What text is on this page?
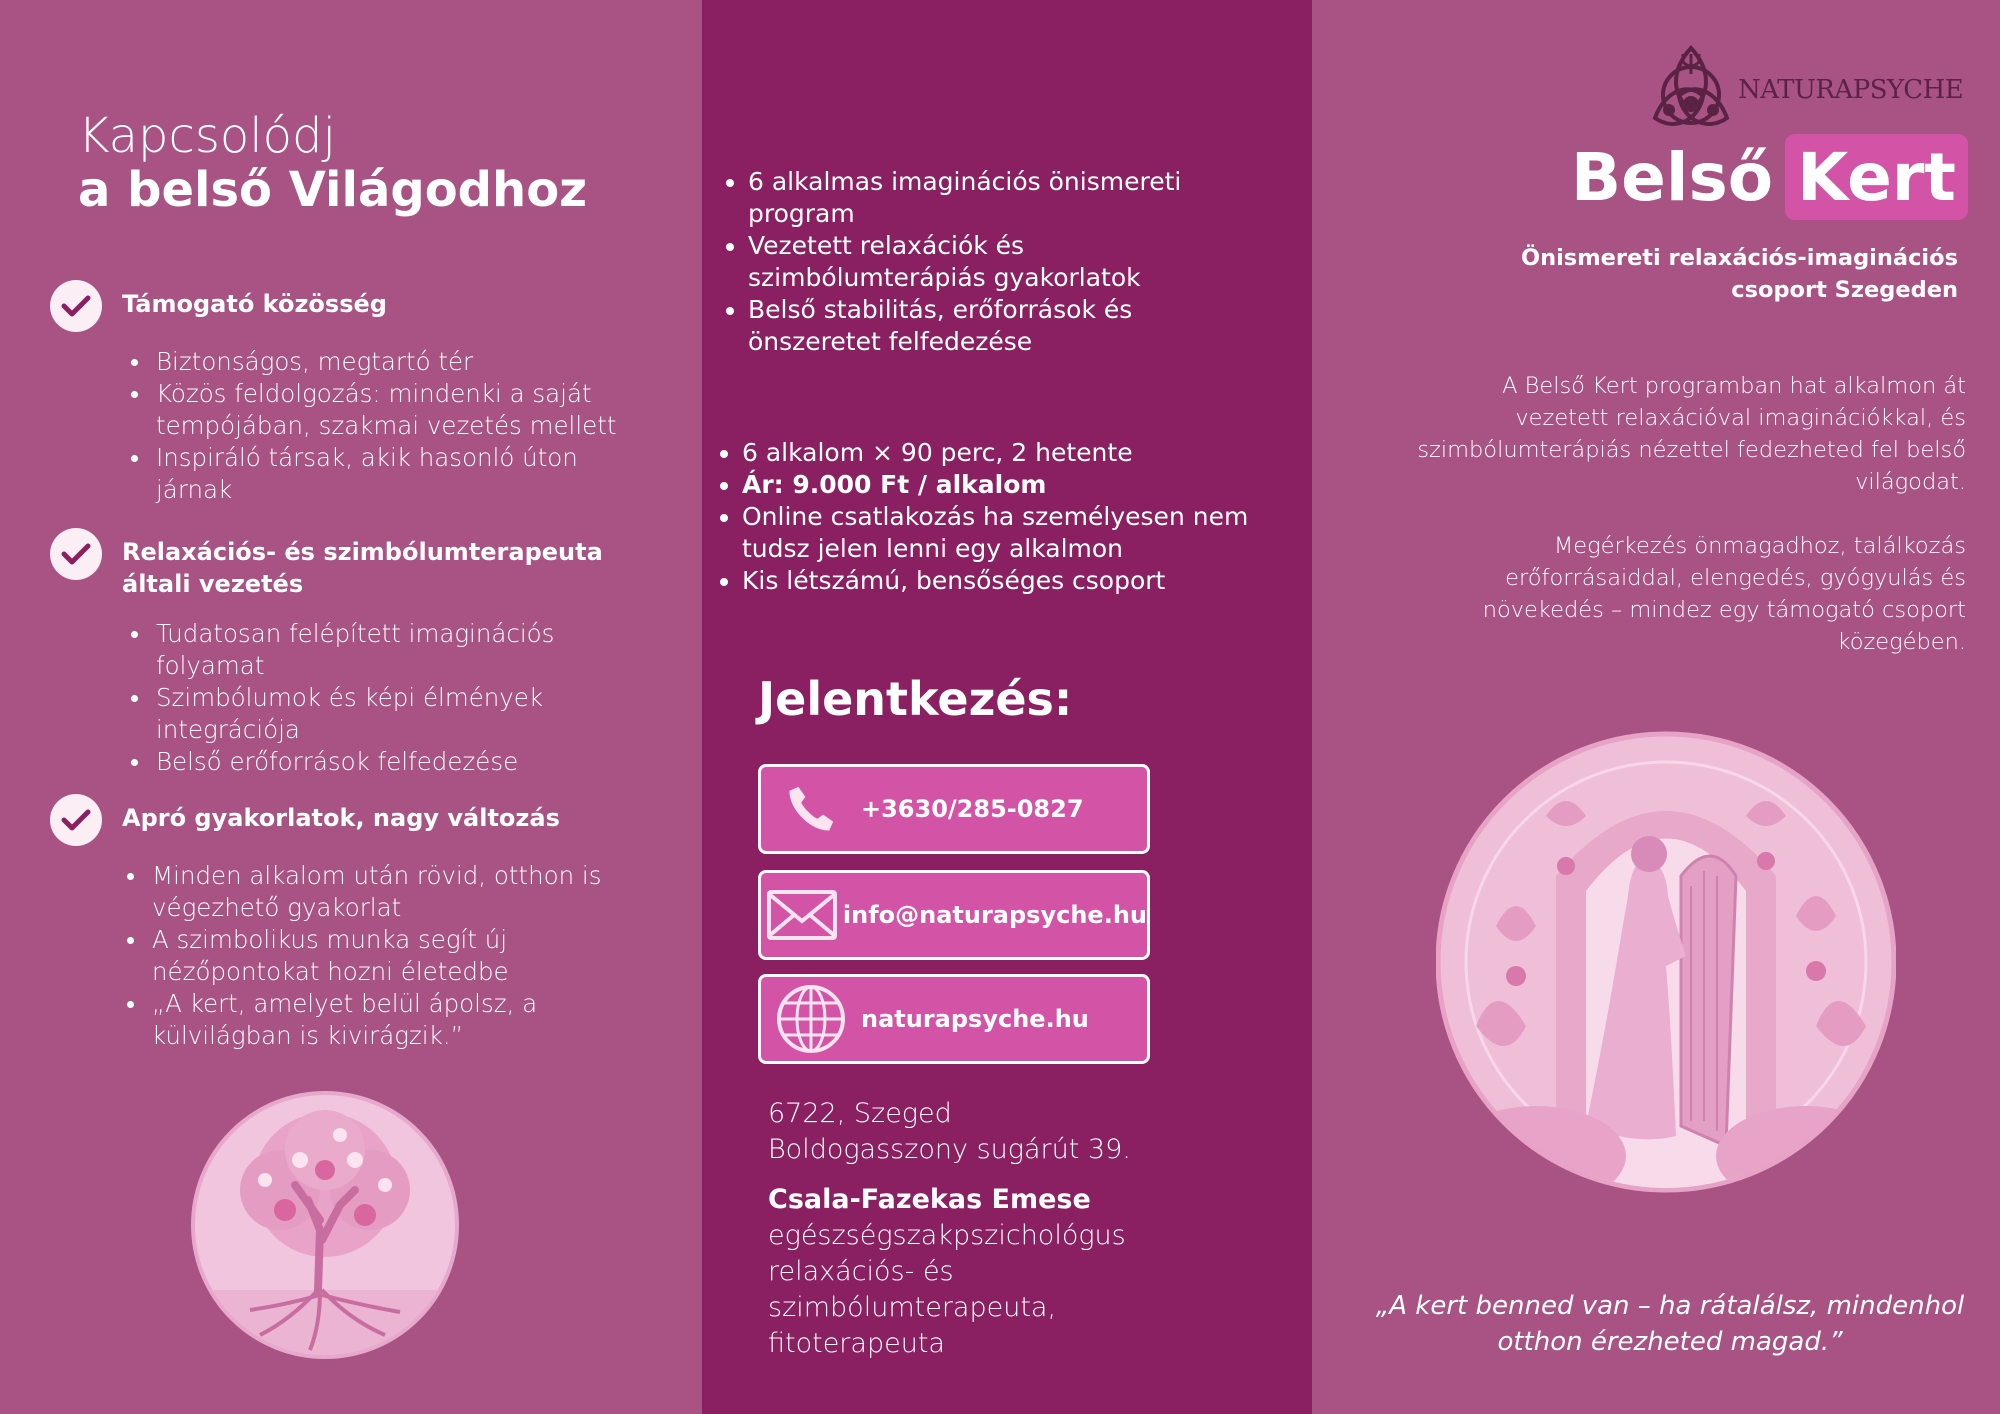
Kapcsolódj
a belső Világodhoz
Támogató közösség
Biztonságos, megtartó tér
Közös feldolgozás: mindenki a saját tempójában, szakmai vezetés mellett
Inspiráló társak, akik hasonló úton járnak
Relaxációs- és szimbólumterapeuta általi vezetés
Tudatosan felépített imaginációs folyamat
Szimbólumok és képi élmények integrációja
Belső erőforrások felfedezése
Apró gyakorlatok, nagy változás
Minden alkalom után rövid, otthon is végezhető gyakorlat
A szimbolikus munka segít új nézőpontokat hozni életedbe
„A kert, amelyet belül ápolsz, a külvilágban is kivirágzik.”
• 6 alkalmas imaginációs önismereti program
• Vezetett relaxációk és szimbólumterápiás gyakorlatok
• Belső stabilitás, erőforrások és önszeretet felfedezése
• 6 alkalom × 90 perc, 2 hetente
• Ár: 9.000 Ft / alkalom
• Online csatlakozás ha személyesen nem tudsz jelen lenni egy alkalmon
• Kis létszámú, bensőséges csoport
Jelentkezés:
+3630/285-0827
info@naturapsyche.hu
naturapsyche.hu
6722, Szeged
Boldogasszony sugárút 39.
Csala-Fazekas Emese
egészségszakpszichológus
relaxációs- és
szimbólumterapeuta,
fitoterapeuta
NATURAPSYCHE
Belső Kert
Önismereti relaxációs-imaginációs
csoport Szegeden

A Belső Kert programban hat alkalmon át vezetett relaxációval imaginációkkal, és szimbólumterápiás nézettel fedezheted fel belső világodat.

Megérkezés önmagadhoz, találkozás erőforrásaiddal, elengedés, gyógyulás és növekedés – mindez egy támogató csoport közegében.

„A kert benned van – ha rátalálsz, mindenhol otthon érezheted magad.”
